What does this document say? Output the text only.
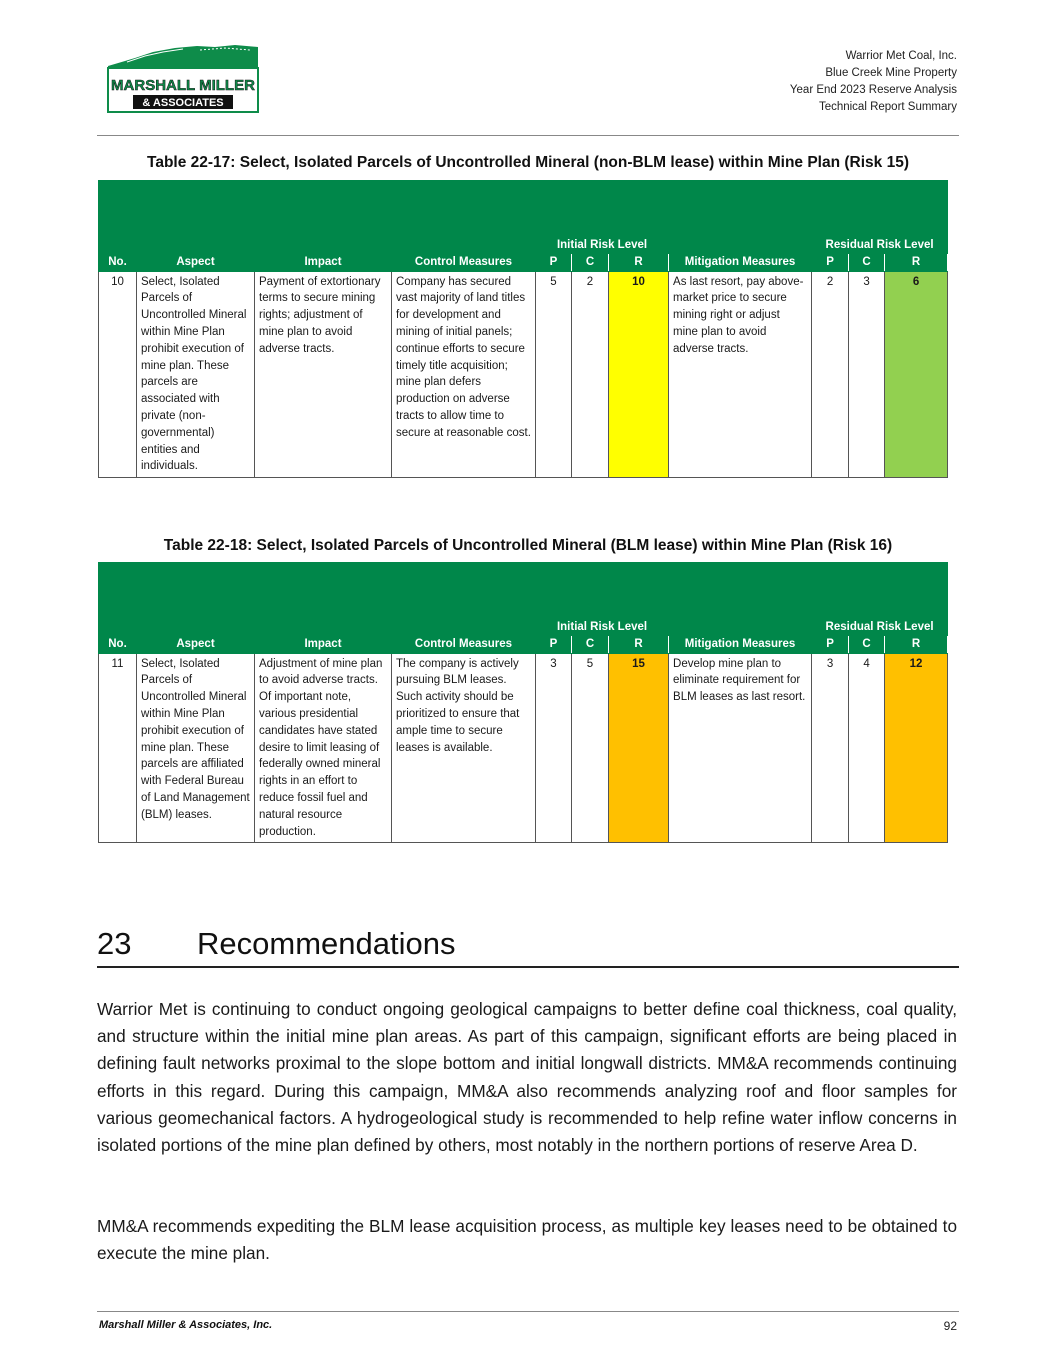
MARSHALL MILLER
& ASSOCIATES
Warrior Met Coal, Inc.
Blue Creek Mine Property
Year End 2023 Reserve Analysis
Technical Report Summary
Table 22-17: Select, Isolated Parcels of Uncontrolled Mineral (non-BLM lease) within Mine Plan (Risk 15)

				Initial Risk Level				Residual Risk Level		
No.	Aspect	Impact	Control Measures	P	C	R	Mitigation Measures	P	C	R
10	Select, Isolated Parcels of Uncontrolled Mineral within Mine Plan prohibit execution of mine plan. These parcels are associated with private (non-governmental) entities and individuals.	Payment of extortionary terms to secure mining rights; adjustment of mine plan to avoid adverse tracts.	Company has secured vast majority of land titles for development and mining of initial panels; continue efforts to secure timely title acquisition; mine plan defers production on adverse tracts to allow time to secure at reasonable cost.	5	2	10	As last resort, pay above-market price to secure mining right or adjust mine plan to avoid adverse tracts.	2	3	6
Table 22-18: Select, Isolated Parcels of Uncontrolled Mineral (BLM lease) within Mine Plan (Risk 16)

				Initial Risk Level				Residual Risk Level		
No.	Aspect	Impact	Control Measures	P	C	R	Mitigation Measures	P	C	R
11	Select, Isolated Parcels of Uncontrolled Mineral within Mine Plan prohibit execution of mine plan. These parcels are affiliated with Federal Bureau of Land Management (BLM) leases.	Adjustment of mine plan to avoid adverse tracts. Of important note, various presidential candidates have stated desire to limit leasing of federally owned mineral rights in an effort to reduce fossil fuel and natural resource production.	The company is actively pursuing BLM leases. Such activity should be prioritized to ensure that ample time to secure leases is available.	3	5	15	Develop mine plan to eliminate requirement for BLM leases as last resort.	3	4	12
23 Recommendations
Warrior Met is continuing to conduct ongoing geological campaigns to better define coal thickness, coal quality, and structure within the initial mine plan areas. As part of this campaign, significant efforts are being placed in defining fault networks proximal to the slope bottom and initial longwall districts. MM&A recommends continuing efforts in this regard. During this campaign, MM&A also recommends analyzing roof and floor samples for various geomechanical factors. A hydrogeological study is recommended to help refine water inflow concerns in isolated portions of the mine plan defined by others, most notably in the northern portions of reserve Area D.
MM&A recommends expediting the BLM lease acquisition process, as multiple key leases need to be obtained to execute the mine plan.
Marshall Miller & Associates, Inc.	92
